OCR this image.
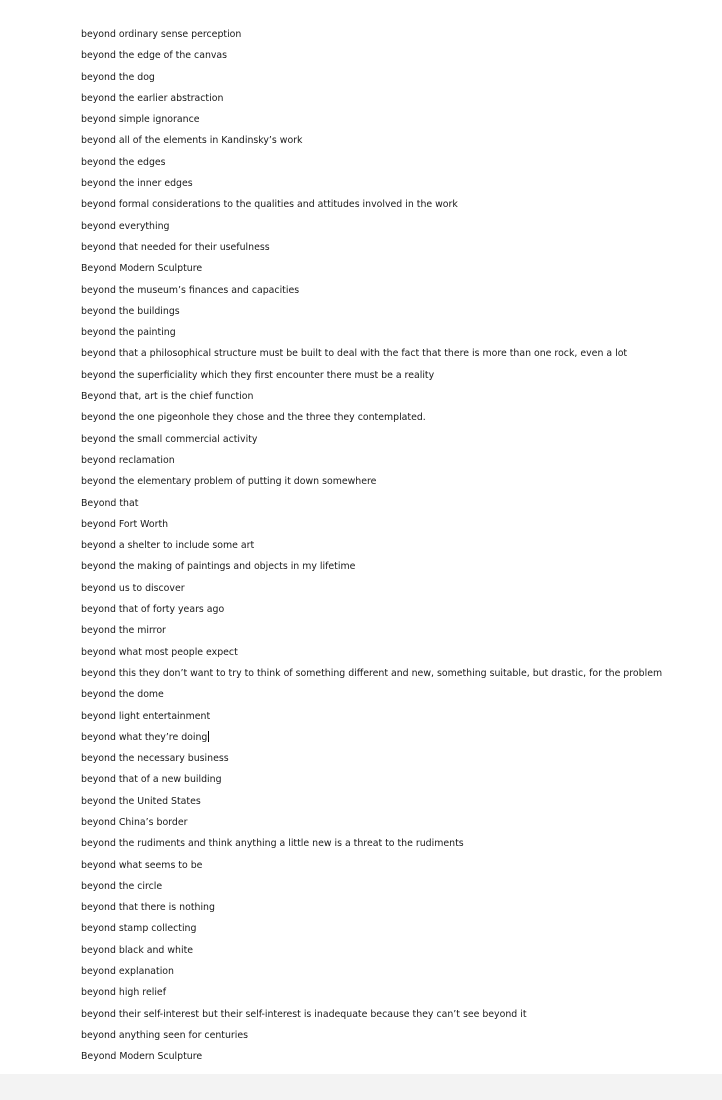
beyond ordinary sense perception
beyond the edge of the canvas
beyond the dog
beyond the earlier abstraction
beyond simple ignorance
beyond all of the elements in Kandinsky’s work
beyond the edges
beyond the inner edges
beyond formal considerations to the qualities and attitudes involved in the work
beyond everything
beyond that needed for their usefulness
Beyond Modern Sculpture
beyond the museum’s finances and capacities
beyond the buildings
beyond the painting
beyond that a philosophical structure must be built to deal with the fact that there is more than one rock, even a lot
beyond the superficiality which they first encounter there must be a reality
Beyond that, art is the chief function
beyond the one pigeonhole they chose and the three they contemplated.
beyond the small commercial activity
beyond reclamation
beyond the elementary problem of putting it down somewhere
Beyond that
beyond Fort Worth
beyond a shelter to include some art
beyond the making of paintings and objects in my lifetime
beyond us to discover
beyond that of forty years ago
beyond the mirror
beyond what most people expect
beyond this they don’t want to try to think of something different and new, something suitable, but drastic, for the problem
beyond the dome
beyond light entertainment
beyond what they’re doing
beyond the necessary business
beyond that of a new building
beyond the United States
beyond China’s border
beyond the rudiments and think anything a little new is a threat to the rudiments
beyond what seems to be
beyond the circle
beyond that there is nothing
beyond stamp collecting
beyond black and white
beyond explanation
beyond high relief
beyond their self-interest but their self-interest is inadequate because they can’t see beyond it
beyond anything seen for centuries
Beyond Modern Sculpture
